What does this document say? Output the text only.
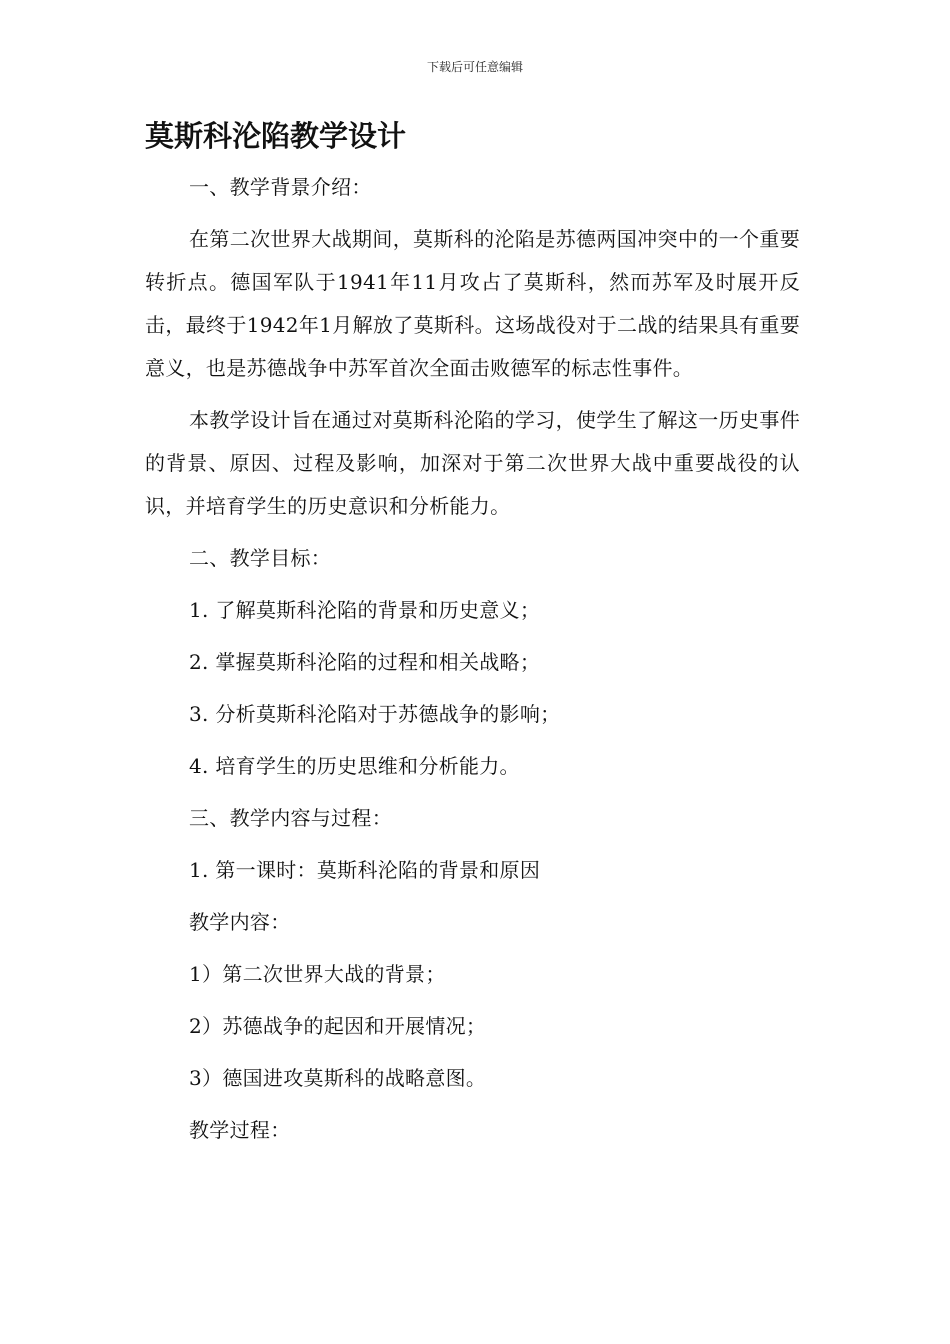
下载后可任意编辑
莫斯科沦陷教学设计

一、教学背景介绍：

在第二次世界大战期间，莫斯科的沦陷是苏德两国冲突中的一个重要转折点。德国军队于1941年11月攻占了莫斯科，然而苏军及时展开反击，最终于1942年1月解放了莫斯科。这场战役对于二战的结果具有重要意义，也是苏德战争中苏军首次全面击败德军的标志性事件。

本教学设计旨在通过对莫斯科沦陷的学习，使学生了解这一历史事件的背景、原因、过程及影响，加深对于第二次世界大战中重要战役的认识，并培育学生的历史意识和分析能力。

二、教学目标：

1. 了解莫斯科沦陷的背景和历史意义；

2. 掌握莫斯科沦陷的过程和相关战略；

3. 分析莫斯科沦陷对于苏德战争的影响；

4. 培育学生的历史思维和分析能力。

三、教学内容与过程：

1. 第一课时：莫斯科沦陷的背景和原因

教学内容：

1）第二次世界大战的背景；

2）苏德战争的起因和开展情况；

3）德国进攻莫斯科的战略意图。

教学过程：
